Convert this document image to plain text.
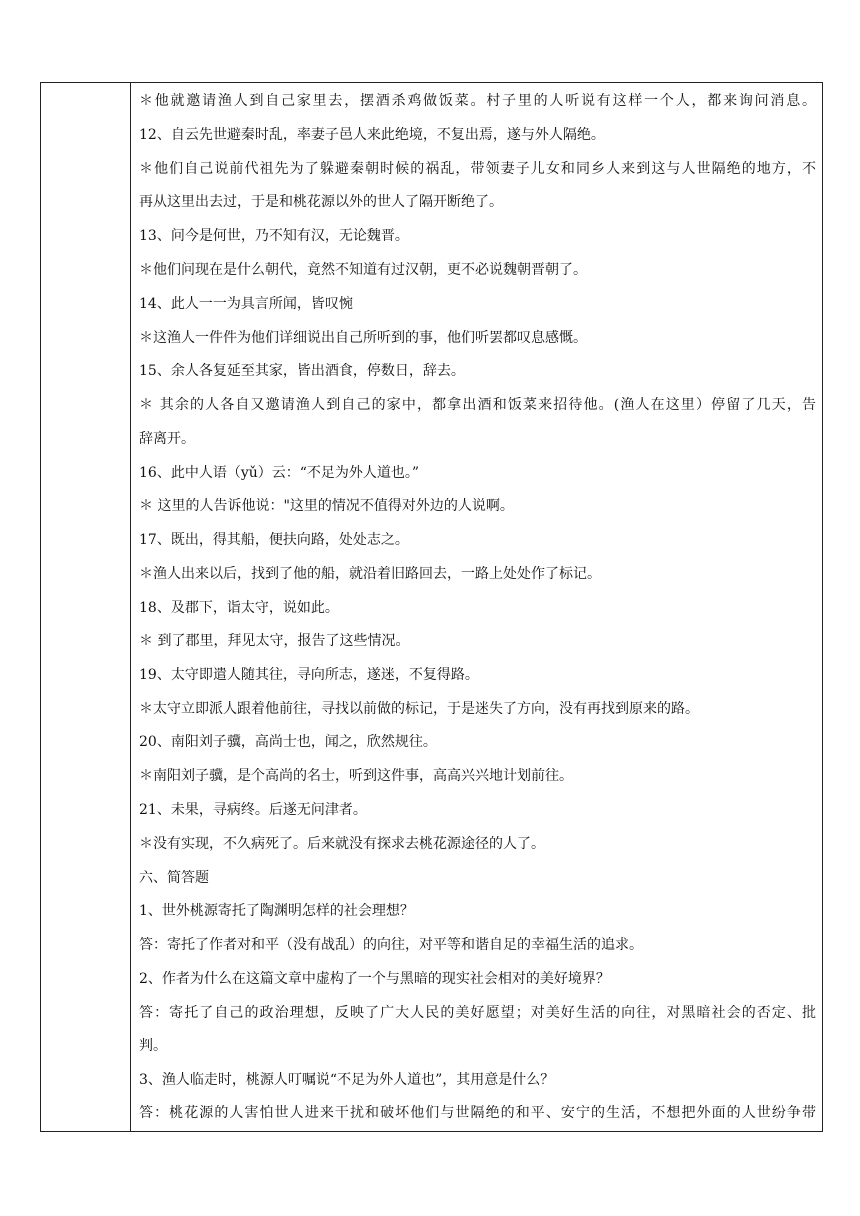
＊他就邀请渔人到自己家里去，摆酒杀鸡做饭菜。村子里的人听说有这样一个人，都来询问消息。
12、自云先世避秦时乱，率妻子邑人来此绝境，不复出焉，遂与外人隔绝。
＊他们自己说前代祖先为了躲避秦朝时候的祸乱，带领妻子儿女和同乡人来到这与人世隔绝的地方，不
再从这里出去过，于是和桃花源以外的世人了隔开断绝了。
13、问今是何世，乃不知有汉，无论魏晋。
＊他们问现在是什么朝代，竟然不知道有过汉朝，更不必说魏朝晋朝了。
14、此人一一为具言所闻，皆叹惋
＊这渔人一件件为他们详细说出自己所听到的事，他们听罢都叹息感慨。
15、余人各复延至其家，皆出酒食，停数日，辞去。
＊ 其余的人各自又邀请渔人到自己的家中，都拿出酒和饭菜来招待他。(渔人在这里）停留了几天，告
辞离开。
16、此中人语（yǔ）云：“不足为外人道也。”
＊ 这里的人告诉他说："这里的情况不值得对外边的人说啊。
17、既出，得其船，便扶向路，处处志之。
＊渔人出来以后，找到了他的船，就沿着旧路回去，一路上处处作了标记。
18、及郡下，诣太守，说如此。
＊ 到了郡里，拜见太守，报告了这些情况。
19、太守即遣人随其往，寻向所志，遂迷，不复得路。
＊太守立即派人跟着他前往，寻找以前做的标记，于是迷失了方向，没有再找到原来的路。
20、南阳刘子骥，高尚士也，闻之，欣然规往。
＊南阳刘子骥，是个高尚的名士，听到这件事，高高兴兴地计划前往。
21、未果，寻病终。后遂无问津者。
＊没有实现，不久病死了。后来就没有探求去桃花源途径的人了。
六、简答题
1、世外桃源寄托了陶渊明怎样的社会理想？
答：寄托了作者对和平（没有战乱）的向往，对平等和谐自足的幸福生活的追求。
2、作者为什么在这篇文章中虚构了一个与黑暗的现实社会相对的美好境界？
答：寄托了自己的政治理想，反映了广大人民的美好愿望；对美好生活的向往，对黑暗社会的否定、批
判。
3、渔人临走时，桃源人叮嘱说“不足为外人道也”，其用意是什么？
答：桃花源的人害怕世人进来干扰和破坏他们与世隔绝的和平、安宁的生活，不想把外面的人世纷争带
